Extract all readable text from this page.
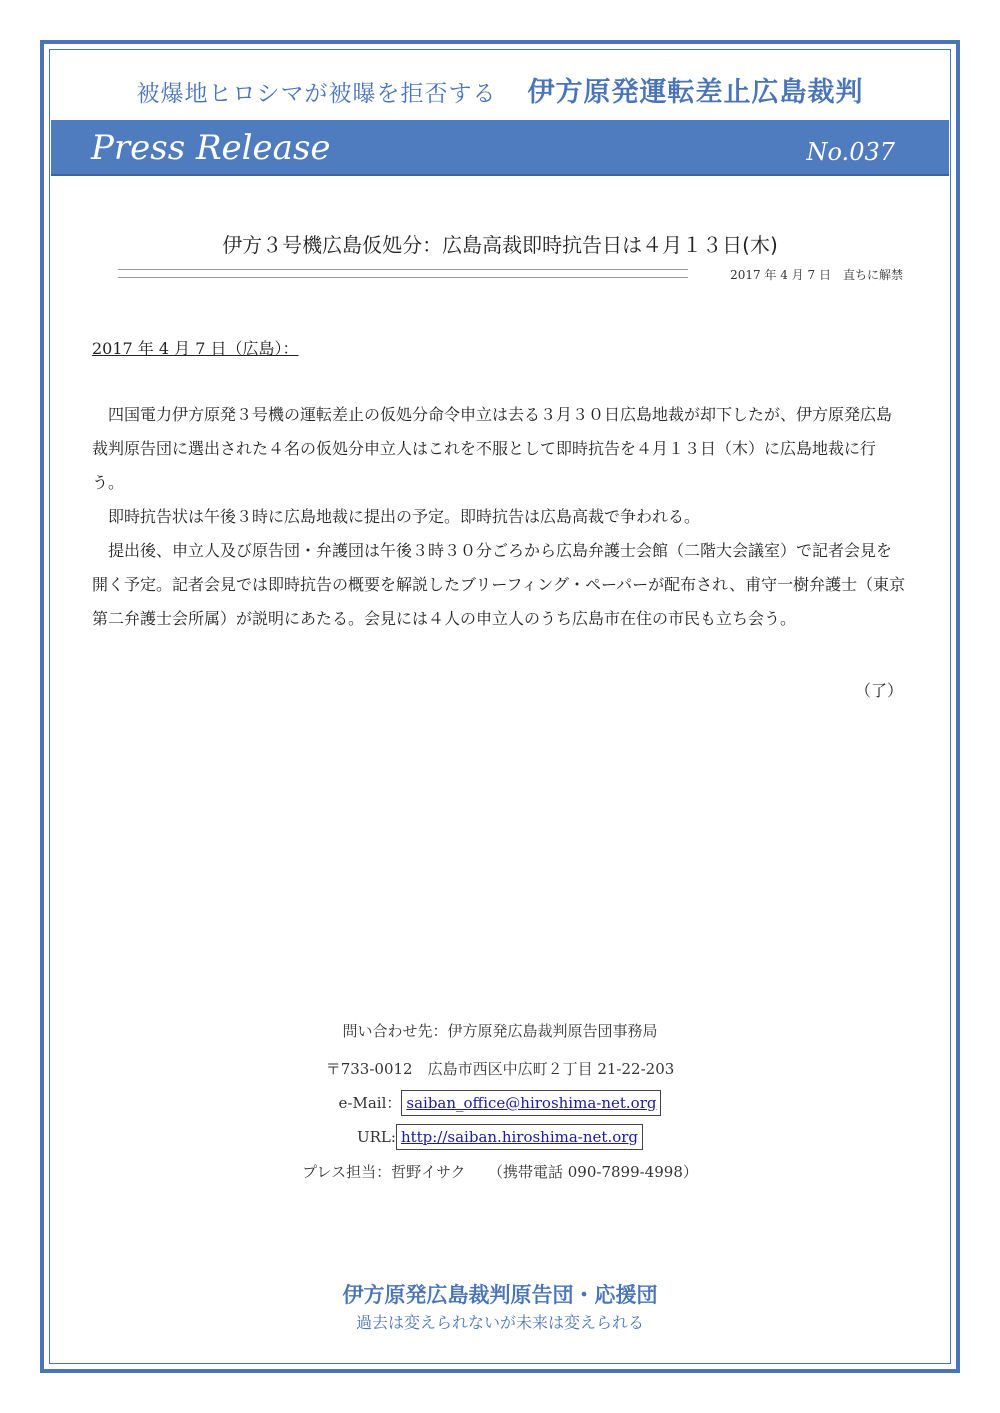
被爆地ヒロシマが被曝を拒否する 伊方原発運転差止広島裁判
Press Release	No.037
伊方３号機広島仮処分：広島高裁即時抗告日は４月１３日(木)
2017 年 4 月 7 日　直ちに解禁
2017 年 4 月 7 日（広島）：

四国電力伊方原発３号機の運転差止の仮処分命令申立は去る３月３０日広島地裁が却下したが、伊方原発広島裁判原告団に選出された４名の仮処分申立人はこれを不服として即時抗告を４月１３日（木）に広島地裁に行う。

即時抗告状は午後３時に広島地裁に提出の予定。即時抗告は広島高裁で争われる。

提出後、申立人及び原告団・弁護団は午後３時３０分ごろから広島弁護士会館（二階大会議室）で記者会見を開く予定。記者会見では即時抗告の概要を解説したブリーフィング・ペーパーが配布され、甫守一樹弁護士（東京第二弁護士会所属）が説明にあたる。会見には４人の申立人のうち広島市在住の市民も立ち会う。

（了）
問い合わせ先：伊方原発広島裁判原告団事務局
〒733-0012　広島市西区中広町２丁目 21-22-203
e-Mail： saiban_office@hiroshima-net.org
URL: http://saiban.hiroshima-net.org
プレス担当：哲野イサク　　（携帯電話 090-7899-4998）
伊方原発広島裁判原告団・応援団
過去は変えられないが未来は変えられる
